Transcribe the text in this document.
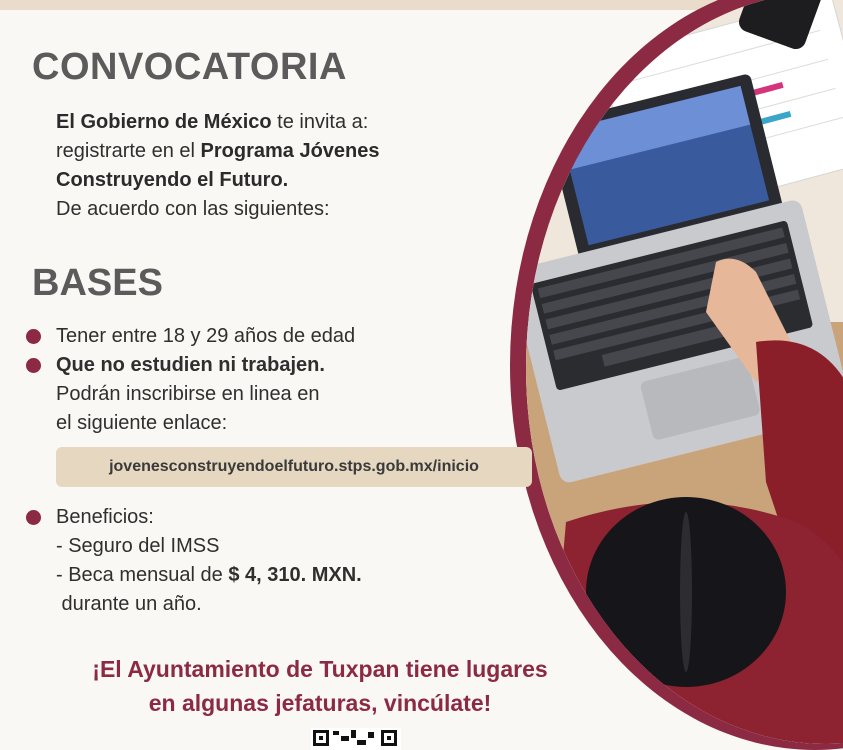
CONVOCATORIA
El Gobierno de México te invita a:
registrarte en el Programa Jóvenes
Construyendo el Futuro.
De acuerdo con las siguientes:
BASES
Tener entre 18 y 29 años de edad
Que no estudien ni trabajen.
Podrán inscribirse en linea en
el siguiente enlace:
jovenesconstruyendoelfuturo.stps.gob.mx/inicio
Beneficios:
- Seguro del IMSS
- Beca mensual de $ 4, 310. MXN.
durante un año.
¡El Ayuntamiento de Tuxpan tiene lugares
en algunas jefaturas, vincúlate!
